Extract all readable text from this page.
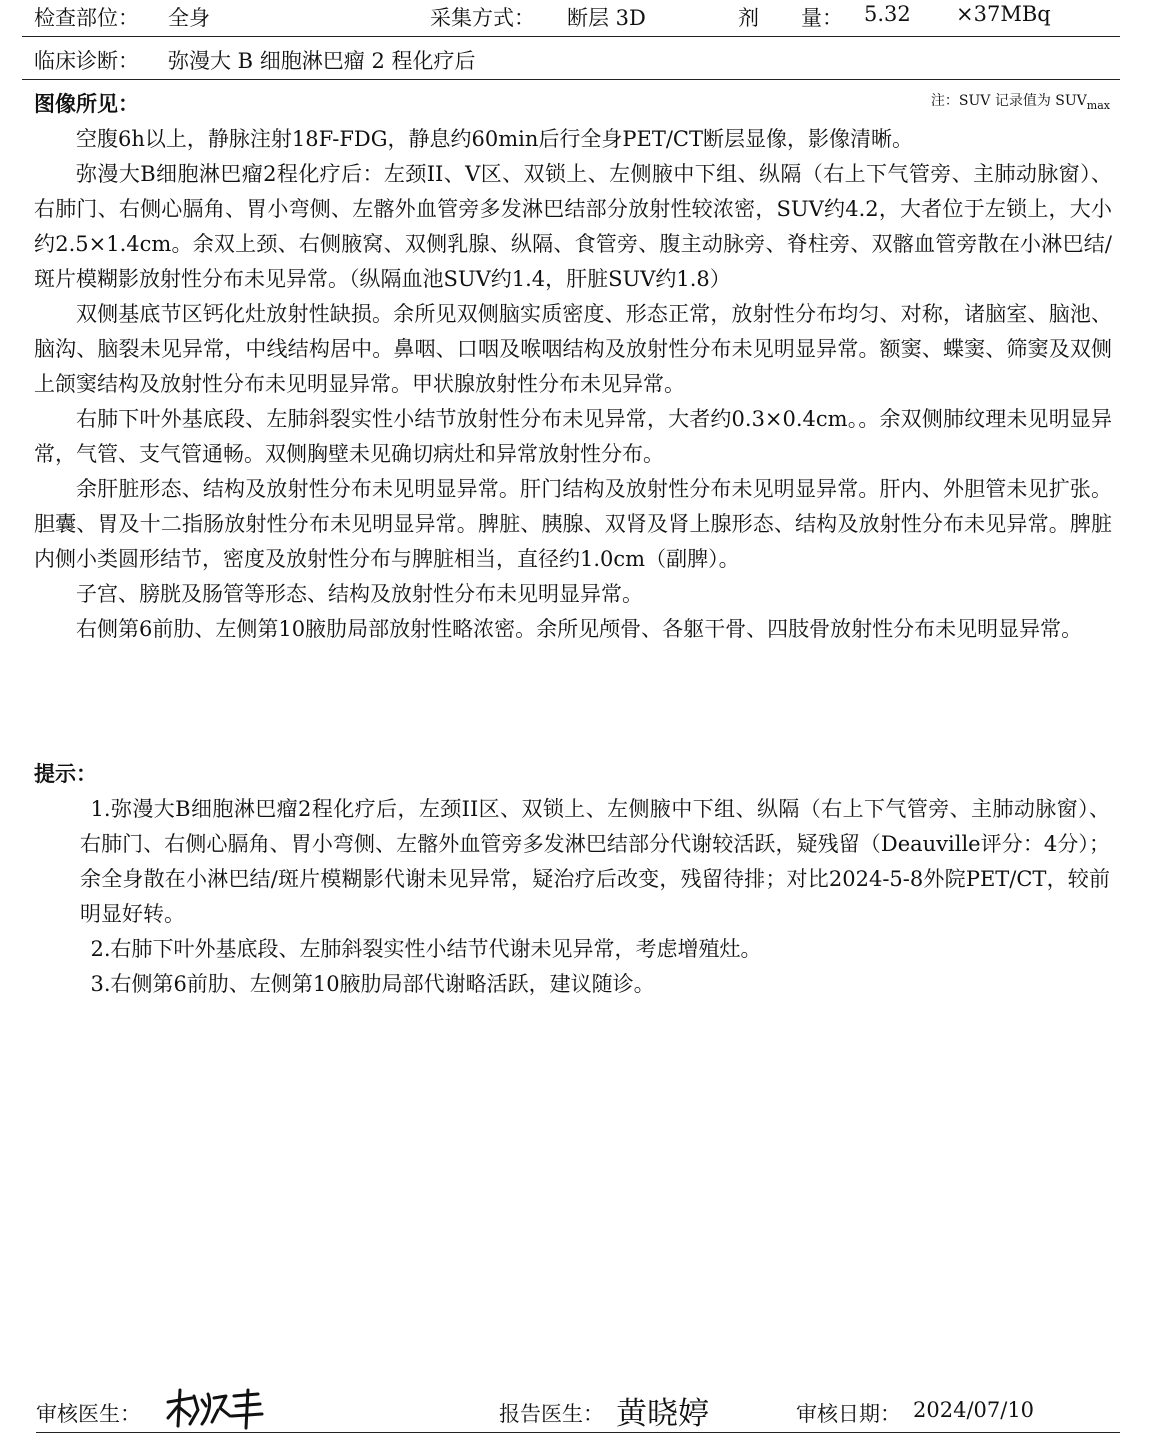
检查部位： 全身	采集方式： 断层 3D	剂　　量： 5.32 ×37MBq
临床诊断： 弥漫大 B 细胞淋巴瘤 2 程化疗后
图像所见：	注：SUV 记录值为 $SUV_{max}$

空腹6h以上，静脉注射18F-FDG，静息约60min后行全身PET/CT断层显像，影像清晰。

弥漫大B细胞淋巴瘤2程化疗后：左颈II、V区、双锁上、左侧腋中下组、纵隔（右上下气管旁、主肺动脉窗）、右肺门、右侧心膈角、胃小弯侧、左髂外血管旁多发淋巴结部分放射性较浓密，SUV约4.2，大者位于左锁上，大小约2.5×1.4cm。余双上颈、右侧腋窝、双侧乳腺、纵隔、食管旁、腹主动脉旁、脊柱旁、双髂血管旁散在小淋巴结/斑片模糊影放射性分布未见异常。（纵隔血池SUV约1.4，肝脏SUV约1.8）

双侧基底节区钙化灶放射性缺损。余所见双侧脑实质密度、形态正常，放射性分布均匀、对称，诸脑室、脑池、脑沟、脑裂未见异常，中线结构居中。鼻咽、口咽及喉咽结构及放射性分布未见明显异常。额窦、蝶窦、筛窦及双侧上颌窦结构及放射性分布未见明显异常。甲状腺放射性分布未见异常。

右肺下叶外基底段、左肺斜裂实性小结节放射性分布未见异常，大者约0.3×0.4cm。。余双侧肺纹理未见明显异常，气管、支气管通畅。双侧胸壁未见确切病灶和异常放射性分布。

余肝脏形态、结构及放射性分布未见明显异常。肝门结构及放射性分布未见明显异常。肝内、外胆管未见扩张。胆囊、胃及十二指肠放射性分布未见明显异常。脾脏、胰腺、双肾及肾上腺形态、结构及放射性分布未见异常。脾脏内侧小类圆形结节，密度及放射性分布与脾脏相当，直径约1.0cm（副脾）。

子宫、膀胱及肠管等形态、结构及放射性分布未见明显异常。

右侧第6前肋、左侧第10腋肋局部放射性略浓密。余所见颅骨、各躯干骨、四肢骨放射性分布未见明显异常。

提示：

1.弥漫大B细胞淋巴瘤2程化疗后，左颈II区、双锁上、左侧腋中下组、纵隔（右上下气管旁、主肺动脉窗）、右肺门、右侧心膈角、胃小弯侧、左髂外血管旁多发淋巴结部分代谢较活跃，疑残留（Deauville评分：4分）；余全身散在小淋巴结/斑片模糊影代谢未见异常，疑治疗后改变，残留待排；对比2024-5-8外院PET/CT，较前明显好转。

2.右肺下叶外基底段、左肺斜裂实性小结节代谢未见异常，考虑增殖灶。

3.右侧第6前肋、左侧第10腋肋局部代谢略活跃，建议随诊。

审核医生：	报告医生： 黄晓婷	审核日期： 2024/07/10
